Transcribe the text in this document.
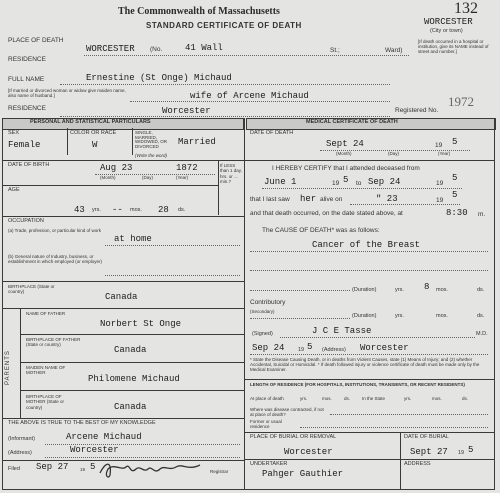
The Commonwealth of Massachusetts
STANDARD CERTIFICATE OF DEATH
132
PLACE OF DEATH
WORCESTER (No.	41 Wall	St.;	Ward)
WORCESTER
(City or town)
[If death occurred in a hospital or institution, give its NAME instead of street and number.]
RESIDENCE
FULL NAME	Ernestine (St Onge) Michaud
[If married or divorced woman or widow give maiden name, also name of husband.]	wife of Arcene Michaud
RESIDENCE	Worcester	Registered No.
1972
PERSONAL AND STATISTICAL PARTICULARS	MEDICAL CERTIFICATE OF DEATH
SEX
Female
COLOR OR RACE
W
SINGLE, MARRIED, WIDOWED, OR DIVORCED
(Write the word)
Married
DATE OF BIRTH	Aug 23	1872
(Month)	(Day)	(Year)
If LESS than 1 day, hrs. or ... min.?
AGE
43 yrs. -- mos. 28 ds.
OCCUPATION
(a) Trade, profession, or particular kind of work
at home
(b) General nature of Industry, business, or establishment in which employed (or employer)
BIRTHPLACE (State or country)
Canada
PARENTS
NAME OF FATHER
Norbert St Onge
BIRTHPLACE OF FATHER (State or country)
Canada
MAIDEN NAME OF MOTHER
Philomene Michaud
BIRTHPLACE OF MOTHER (State or country)	Canada
THE ABOVE IS TRUE TO THE BEST OF MY KNOWLEDGE
(Informant)	Arcene Michaud
(Address)	Worcester
Filed Sep 27	19 5	Registrar
DATE OF DEATH
Sept 24	19 5
(Month)	(Day)	(Year)
I HEREBY CERTIFY that I attended deceased from
June 1	19 5 to Sep 24	19
5
that I last saw her alive on	" 23	19
5
and that death occurred, on the date stated above, at	8:30 m.
The CAUSE OF DEATH* was as follows:
Cancer of the Breast
(Duration)	yrs. 8 mos.	ds.
Contributory
(Secondary)
(Duration)	yrs.	mos.	ds.
(Signed)	J C E Tasse	M.D.
Sep 24 19 5 (Address) Worcester
* State the Disease Causing Death, or in deaths from Violent Causes, state (1) Means of Injury; and (2) whether Accidental, Suicidal or Homicidal. * If death followed injury or violence certificate of death must be made only by the Medical Examiner.
LENGTH OF RESIDENCE (FOR HOSPITALS, INSTITUTIONS, TRANSIENTS, OR RECENT RESIDENTS)
At place of death	yrs.	mos.	ds.	In the State	yrs.	mos.	ds.
Where was disease contracted, if not at place of death?
Former or usual residence
PLACE OF BURIAL OR REMOVAL
Worcester
DATE OF BURIAL
Sept 27 19 5
UNDERTAKER
Pahger Gauthier
ADDRESS
